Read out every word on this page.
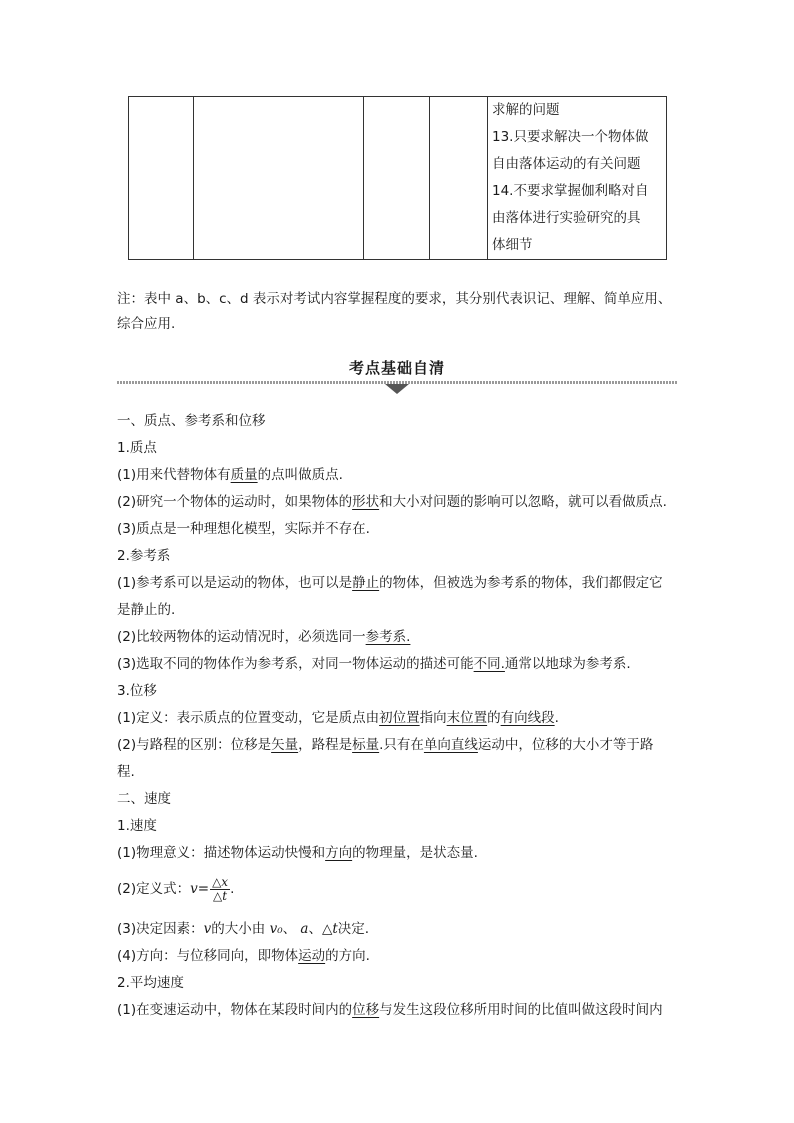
求解的问题
13.只要求解决一个物体做
自由落体运动的有关问题
14.不要求掌握伽利略对自
由落体进行实验研究的具
体细节
注：表中 a、b、c、d 表示对考试内容掌握程度的要求，其分别代表识记、理解、简单应用、
综合应用.
考点基础自清
一、质点、参考系和位移
1.质点
(1)用来代替物体有质量的点叫做质点.
(2)研究一个物体的运动时，如果物体的形状和大小对问题的影响可以忽略，就可以看做质点.
(3)质点是一种理想化模型，实际并不存在.
2.参考系
(1)参考系可以是运动的物体，也可以是静止的物体，但被选为参考系的物体，我们都假定它
是静止的.
(2)比较两物体的运动情况时，必须选同一参考系.
(3)选取不同的物体作为参考系，对同一物体运动的描述可能不同.通常以地球为参考系.
3.位移
(1)定义：表示质点的位置变动，它是质点由初位置指向末位置的有向线段.
(2)与路程的区别：位移是矢量，路程是标量.只有在单向直线运动中，位移的大小才等于路
程.
二、速度
1.速度
(1)物理意义：描述物体运动快慢和方向的物理量，是状态量.
(2)定义式：$v= \frac{\triangle x}{\triangle t}$ .
(3)决定因素：v的大小由 v₀、 a、△t决定.
(4)方向：与位移同向，即物体运动的方向.
2.平均速度
(1)在变速运动中，物体在某段时间内的位移与发生这段位移所用时间的比值叫做这段时间内
